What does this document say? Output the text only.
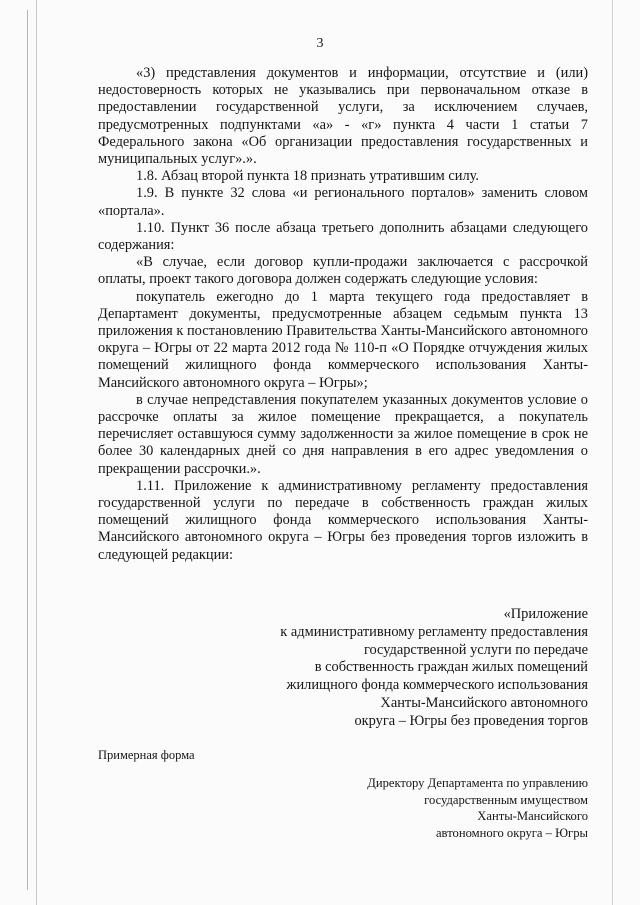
3

«3) представления документов и информации, отсутствие и (или) недостоверность которых не указывались при первоначальном отказе в предоставлении государственной услуги, за исключением случаев, предусмотренных подпунктами «а» - «г» пункта 4 части 1 статьи 7 Федерального закона «Об организации предоставления государственных и муниципальных услуг».».

1.8. Абзац второй пункта 18 признать утратившим силу.

1.9. В пункте 32 слова «и регионального порталов» заменить словом «портала».

1.10. Пункт 36 после абзаца третьего дополнить абзацами следующего содержания:

«В случае, если договор купли-продажи заключается с рассрочкой оплаты, проект такого договора должен содержать следующие условия:

покупатель ежегодно до 1 марта текущего года предоставляет в Департамент документы, предусмотренные абзацем седьмым пункта 13 приложения к постановлению Правительства Ханты-Мансийского автономного округа – Югры от 22 марта 2012 года № 110-п «О Порядке отчуждения жилых помещений жилищного фонда коммерческого использования Ханты-Мансийского автономного округа – Югры»;

в случае непредставления покупателем указанных документов условие о рассрочке оплаты за жилое помещение прекращается, а покупатель перечисляет оставшуюся сумму задолженности за жилое помещение в срок не более 30 календарных дней со дня направления в его адрес уведомления о прекращении рассрочки.».

1.11. Приложение к административному регламенту предоставления государственной услуги по передаче в собственность граждан жилых помещений жилищного фонда коммерческого использования Ханты-Мансийского автономного округа – Югры без проведения торгов изложить в следующей редакции:

«Приложение
к административному регламенту предоставления
государственной услуги по передаче
в собственность граждан жилых помещений
жилищного фонда коммерческого использования
Ханты-Мансийского автономного
округа – Югры без проведения торгов
Примерная форма
Директору Департамента по управлению
государственным имуществом
Ханты-Мансийского
автономного округа – Югры
